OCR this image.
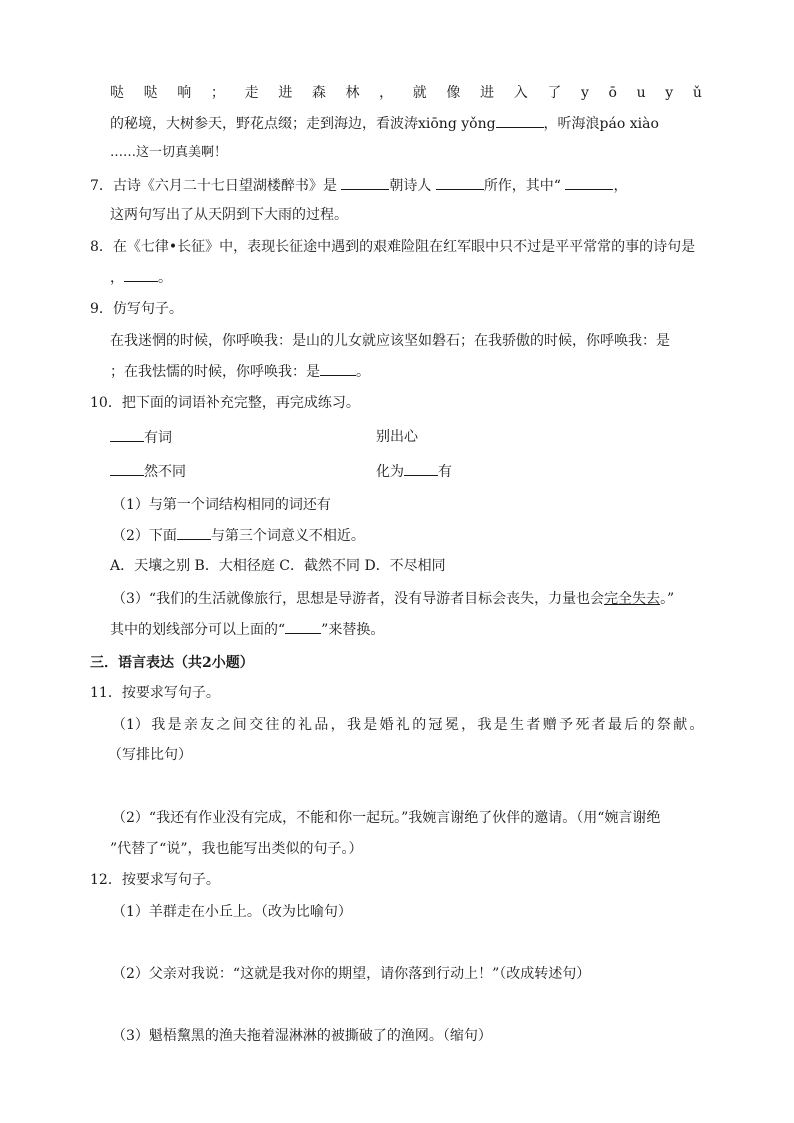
哒 哒 响 ； 走 进 森 林 ， 就 像 进 入 了 y ō u y ǔ
的秘境，大树参天，野花点缀；走到海边，看波涛xiōng yǒng	，听海浪páo xiào
……这一切真美啊！
7．古诗《六月二十七日望湖楼醉书》是	朝诗人	所作，其中“	，
这两句写出了从天阴到下大雨的过程。
8．在《七律•长征》中，表现长征途中遇到的艰难险阻在红军眼中只不过是平平常常的事的诗句是
， 。
9．仿写句子。
在我迷惘的时候，你呼唤我：是山的儿女就应该坚如磐石；在我骄傲的时候，你呼唤我：是
；在我怯懦的时候，你呼唤我：是	。
10．把下面的词语补充完整，再完成练习。
有词	别出心
然不同	化为 有
（1）与第一个词结构相同的词还有
（2）下面 与第三个词意义不相近。
A．天壤之别 B．大相径庭 C．截然不同 D．不尽相同
（3）“我们的生活就像旅行，思想是导游者，没有导游者目标会丧失，力量也会完全失去。”
其中的划线部分可以上面的“	”来替换。
三．语言表达（共2小题）
11．按要求写句子。
（1） 我 是 亲 友 之 间 交 往 的 礼 品 ， 我 是 婚 礼 的 冠 冕 ， 我 是 生 者 赠 予 死 者 最 后 的 祭 献 。
（写排比句）
（2）“我还有作业没有完成，不能和你一起玩。”我婉言谢绝了伙伴的邀请。（用“婉言谢绝
”代替了“说”，我也能写出类似的句子。）
12．按要求写句子。
（1）羊群走在小丘上。（改为比喻句）
（2）父亲对我说：“这就是我对你的期望，请你落到行动上！”（改成转述句）
（3）魁梧黧黑的渔夫拖着湿淋淋的被撕破了的渔网。（缩句）
